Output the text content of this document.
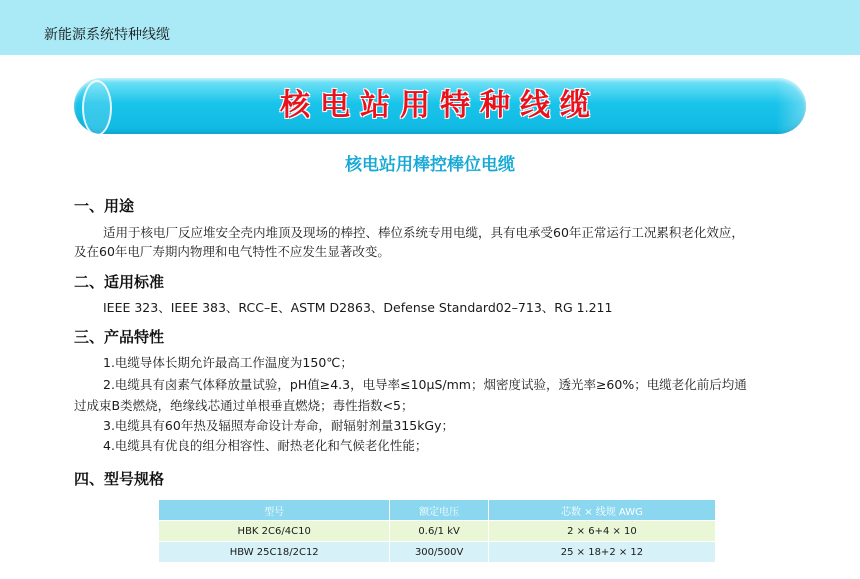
新能源系统特种线缆
核电站用特种线缆
核电站用棒控棒位电缆
一、用途
适用于核电厂反应堆安全壳内堆顶及现场的棒控、棒位系统专用电缆，具有电承受60年正常运行工况累积老化效应，
及在60年电厂寿期内物理和电气特性不应发生显著改变。
二、适用标准
IEEE 323、IEEE 383、RCC–E、ASTM D2863、Defense Standard02–713、RG 1.211
三、产品特性
1.电缆导体长期允许最高工作温度为150℃；
2.电缆具有卤素气体释放量试验，pH值≥4.3，电导率≤10μS/mm；烟密度试验，透光率≥60%；电缆老化前后均通
过成束B类燃烧，绝缘线芯通过单根垂直燃烧；毒性指数<5；
3.电缆具有60年热及辐照寿命设计寿命，耐辐射剂量315kGy；
4.电缆具有优良的组分相容性、耐热老化和气候老化性能；
四、型号规格
型号	额定电压	芯数 × 线规 AWG
HBK 2C6/4C10	0.6/1 kV	2 × 6+4 × 10
HBW 25C18/2C12	300/500V	25 × 18+2 × 12
